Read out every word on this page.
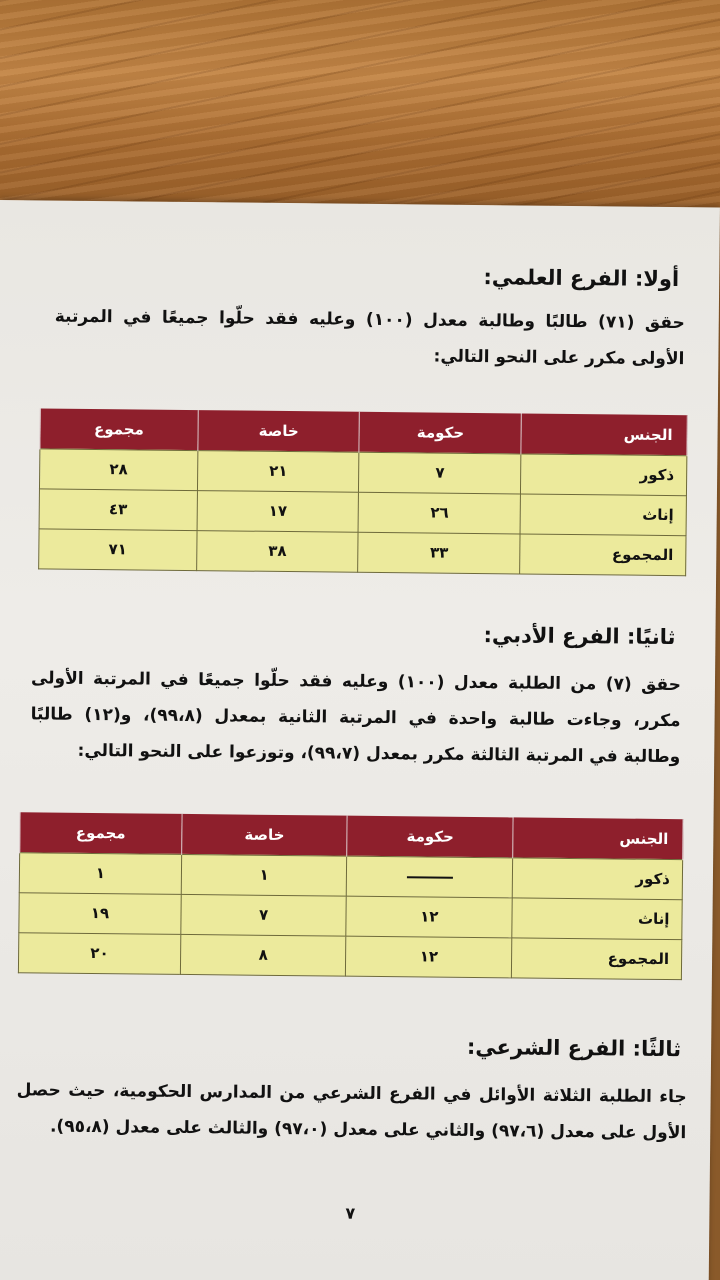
أولا: الفرع العلمي:
حقق (٧١) طالبًا وطالبة معدل (١٠٠) وعليه فقد حلّوا جميعًا في المرتبة الأولى مكرر على النحو التالي:
الجنس	حكومة	خاصة	مجموع
ذكور	٧	٢١	٢٨
إناث	٢٦	١٧	٤٣
المجموع	٣٣	٣٨	٧١
ثانيًا: الفرع الأدبي:
حقق (٧) من الطلبة معدل (١٠٠) وعليه فقد حلّوا جميعًا في المرتبة الأولى مكرر، وجاءت طالبة واحدة في المرتبة الثانية بمعدل (٩٩،٨)، و(١٢) طالبًا وطالبة في المرتبة الثالثة مكرر بمعدل (٩٩،٧)، وتوزعوا على النحو التالي:
الجنس	حكومة	خاصة	مجموع
ذكور		١	١
إناث	١٢	٧	١٩
المجموع	١٢	٨	٢٠
ثالثًا: الفرع الشرعي:
جاء الطلبة الثلاثة الأوائل في الفرع الشرعي من المدارس الحكومية، حيث حصل الأول على معدل (٩٧،٦) والثاني على معدل (٩٧،٠) والثالث على معدل (٩٥،٨).
٧
